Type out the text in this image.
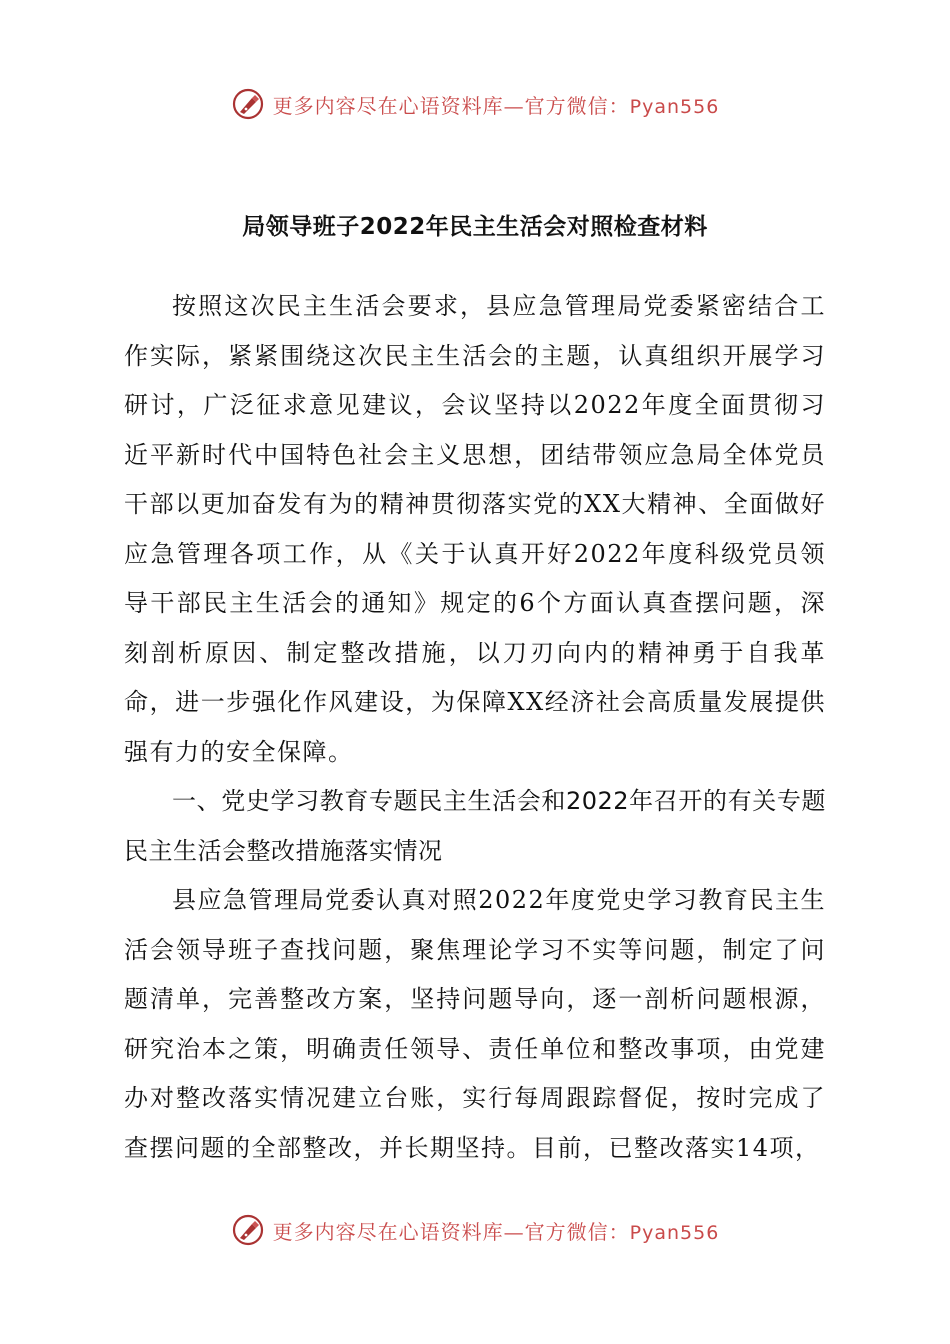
更多内容尽在心语资料库—官方微信：Pyan556
局领导班子2022年民主生活会对照检查材料

按照这次民主生活会要求，县应急管理局党委紧密结合工作实际，紧紧围绕这次民主生活会的主题，认真组织开展学习研讨，广泛征求意见建议，会议坚持以2022年度全面贯彻习近平新时代中国特色社会主义思想，团结带领应急局全体党员干部以更加奋发有为的精神贯彻落实党的XX大精神、全面做好应急管理各项工作，从《关于认真开好2022年度科级党员领导干部民主生活会的通知》规定的6个方面认真查摆问题，深刻剖析原因、制定整改措施，以刀刃向内的精神勇于自我革命，进一步强化作风建设，为保障XX经济社会高质量发展提供强有力的安全保障。

一、党史学习教育专题民主生活会和2022年召开的有关专题民主生活会整改措施落实情况

县应急管理局党委认真对照2022年度党史学习教育民主生活会领导班子查找问题，聚焦理论学习不实等问题，制定了问题清单，完善整改方案，坚持问题导向，逐一剖析问题根源，研究治本之策，明确责任领导、责任单位和整改事项，由党建办对整改落实情况建立台账，实行每周跟踪督促，按时完成了查摆问题的全部整改，并长期坚持。目前，已整改落实14项，

更多内容尽在心语资料库—官方微信：Pyan556
